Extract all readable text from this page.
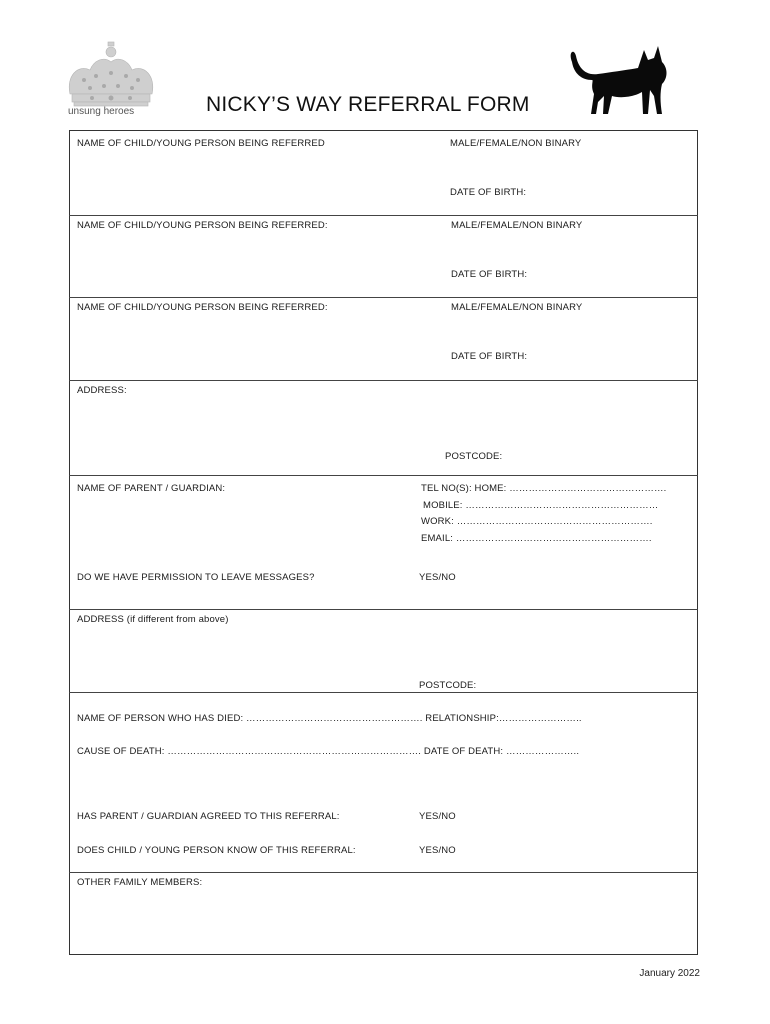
unsung heroes	NICKY’S WAY REFERRAL FORM
NAME OF CHILD/YOUNG PERSON BEING REFERRED	MALE/FEMALE/NON BINARY
DATE OF BIRTH:
NAME OF CHILD/YOUNG PERSON BEING REFERRED:	MALE/FEMALE/NON BINARY
DATE OF BIRTH:
NAME OF CHILD/YOUNG PERSON BEING REFERRED:	MALE/FEMALE/NON BINARY
DATE OF BIRTH:
ADDRESS:
POSTCODE:
NAME OF PARENT / GUARDIAN:	TEL NO(S): HOME: ………………………………………….
MOBILE: ……………………………………………………
WORK: …………………………………………………….
EMAIL: …………………………………………………….
DO WE HAVE PERMISSION TO LEAVE MESSAGES?	YES/NO
ADDRESS (if different from above)
POSTCODE:
NAME OF PERSON WHO HAS DIED: ………………………………………………. RELATIONSHIP:……………………..
CAUSE OF DEATH: ……………………………………………………………………. DATE OF DEATH: …………………..
HAS PARENT / GUARDIAN AGREED TO THIS REFERRAL:	YES/NO
DOES CHILD / YOUNG PERSON KNOW OF THIS REFERRAL:	YES/NO
OTHER FAMILY MEMBERS:
January 2022
